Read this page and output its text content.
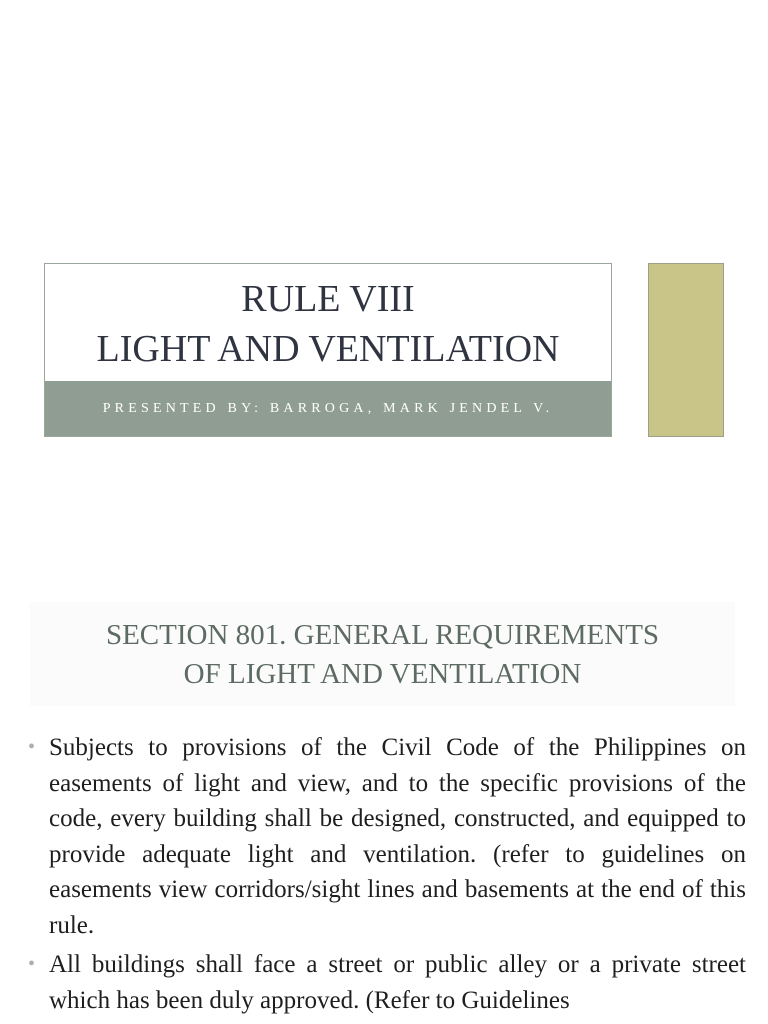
RULE VIII
LIGHT AND VENTILATION
PRESENTED BY: BARROGA, MARK JENDEL V.
SECTION 801. GENERAL REQUIREMENTS
OF LIGHT AND VENTILATION
• Subjects to provisions of the Civil Code of the Philippines on easements of light and view, and to the specific provisions of the code, every building shall be designed, constructed, and equipped to provide adequate light and ventilation. (refer to guidelines on easements view corridors/sight lines and basements at the end of this rule.
• All buildings shall face a street or public alley or a private street which has been duly approved. (Refer to Guidelines
